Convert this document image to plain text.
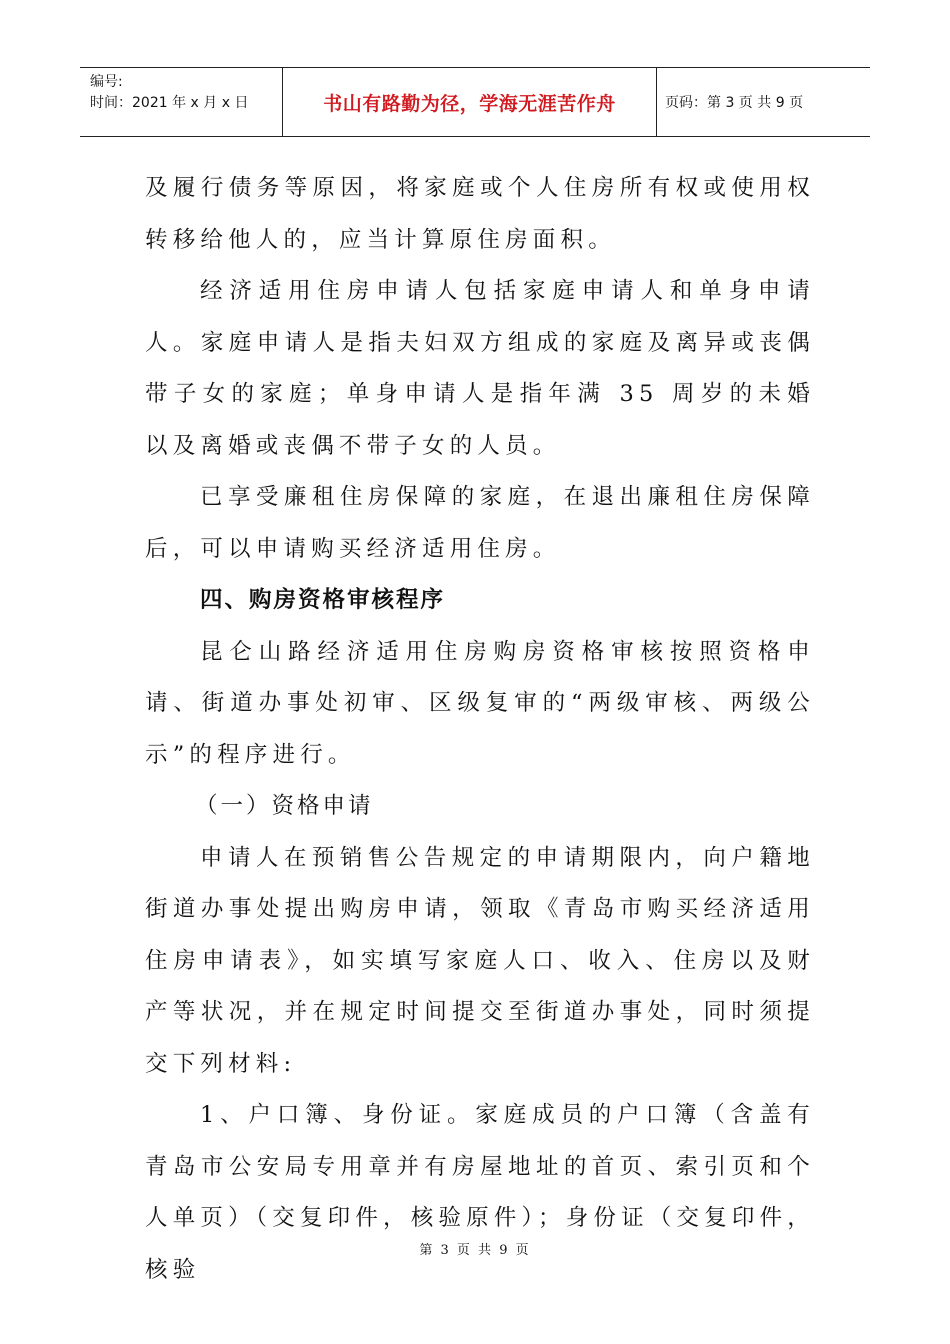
编号:
时间：2021 年 x 月 x 日	书山有路勤为径，学海无涯苦作舟	页码：第 3 页 共 9 页

及履行债务等原因，将家庭或个人住房所有权或使用权转移给他人的，应当计算原住房面积。

经济适用住房申请人包括家庭申请人和单身申请人。家庭申请人是指夫妇双方组成的家庭及离异或丧偶带子女的家庭；单身申请人是指年满 35 周岁的未婚以及离婚或丧偶不带子女的人员。

已享受廉租住房保障的家庭，在退出廉租住房保障后，可以申请购买经济适用住房。

四、购房资格审核程序

昆仑山路经济适用住房购房资格审核按照资格申请、街道办事处初审、区级复审的“两级审核、两级公示”的程序进行。

（一）资格申请

申请人在预销售公告规定的申请期限内，向户籍地街道办事处提出购房申请，领取《青岛市购买经济适用住房申请表》，如实填写家庭人口、收入、住房以及财产等状况，并在规定时间提交至街道办事处，同时须提交下列材料:

1、户口簿、身份证。家庭成员的户口簿（含盖有青岛市公安局专用章并有房屋地址的首页、索引页和个人单页）（交复印件，核验原件）；身份证（交复印件，核验

第 3 页 共 9 页
